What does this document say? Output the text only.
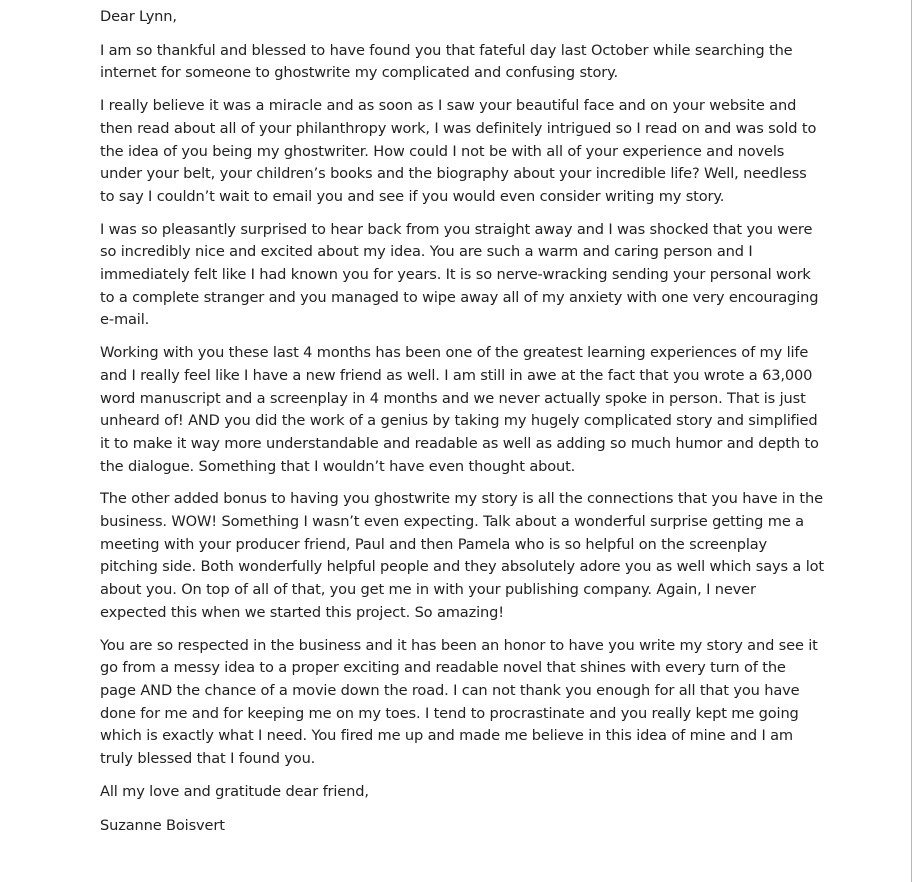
Dear Lynn,

I am so thankful and blessed to have found you that fateful day last October while searching the internet for someone to ghostwrite my complicated and confusing story.

I really believe it was a miracle and as soon as I saw your beautiful face and on your website and then read about all of your philanthropy work, I was definitely intrigued so I read on and was sold to the idea of you being my ghostwriter. How could I not be with all of your experience and novels under your belt, your children’s books and the biography about your incredible life? Well, needless to say I couldn’t wait to email you and see if you would even consider writing my story.

I was so pleasantly surprised to hear back from you straight away and I was shocked that you were so incredibly nice and excited about my idea. You are such a warm and caring person and I immediately felt like I had known you for years. It is so nerve-wracking sending your personal work to a complete stranger and you managed to wipe away all of my anxiety with one very encouraging e-mail.

Working with you these last 4 months has been one of the greatest learning experiences of my life and I really feel like I have a new friend as well. I am still in awe at the fact that you wrote a 63,000 word manuscript and a screenplay in 4 months and we never actually spoke in person. That is just unheard of! AND you did the work of a genius by taking my hugely complicated story and simplified it to make it way more understandable and readable as well as adding so much humor and depth to the dialogue. Something that I wouldn’t have even thought about.

The other added bonus to having you ghostwrite my story is all the connections that you have in the business. WOW! Something I wasn’t even expecting. Talk about a wonderful surprise getting me a meeting with your producer friend, Paul and then Pamela who is so helpful on the screenplay pitching side. Both wonderfully helpful people and they absolutely adore you as well which says a lot about you. On top of all of that, you get me in with your publishing company. Again, I never expected this when we started this project. So amazing!

You are so respected in the business and it has been an honor to have you write my story and see it go from a messy idea to a proper exciting and readable novel that shines with every turn of the page AND the chance of a movie down the road. I can not thank you enough for all that you have done for me and for keeping me on my toes. I tend to procrastinate and you really kept me going which is exactly what I need. You fired me up and made me believe in this idea of mine and I am truly blessed that I found you.

All my love and gratitude dear friend,

Suzanne Boisvert
